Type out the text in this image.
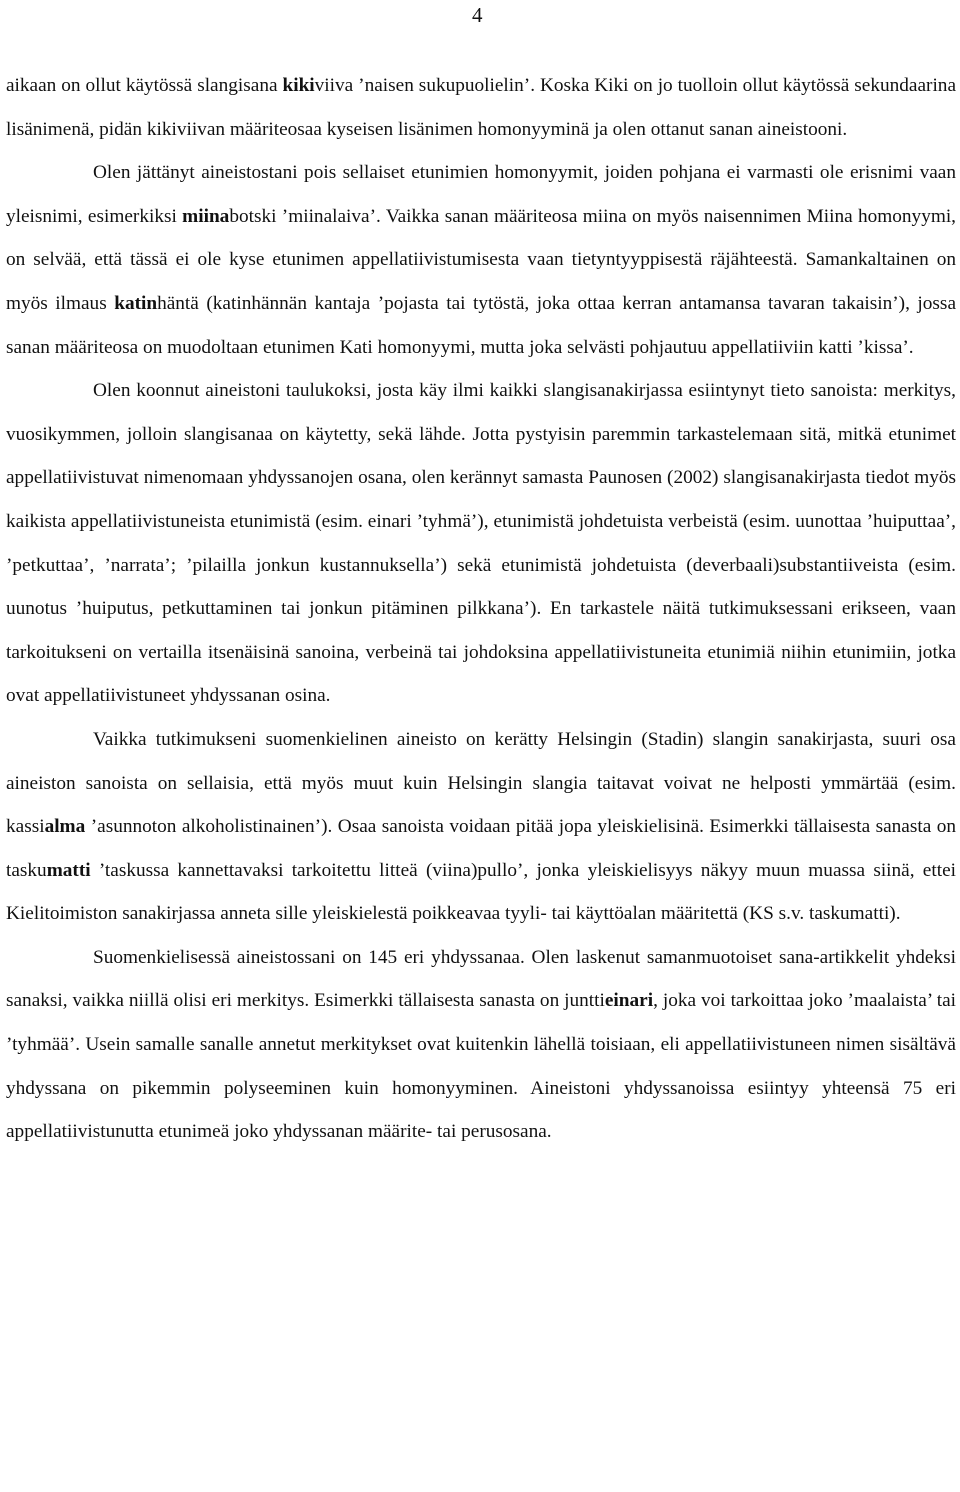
4

aikaan on ollut käytössä slangisana kikiviiva ’naisen sukupuolielin’. Koska Kiki on jo tuolloin ollut käytössä sekundaarina lisänimenä, pidän kikiviivan määriteosaa kyseisen lisänimen homonyyminä ja olen ottanut sanan aineistooni.

Olen jättänyt aineistostani pois sellaiset etunimien homonyymit, joiden pohjana ei varmasti ole erisnimi vaan yleisnimi, esimerkiksi miinabotski ’miinalaiva’. Vaikka sanan määriteosa miina on myös naisennimen Miina homonyymi, on selvää, että tässä ei ole kyse etunimen appellatiivistumisesta vaan tietyntyyppisestä räjähteestä. Samankaltainen on myös ilmaus katinhäntä (katinhännän kantaja ’pojasta tai tytöstä, joka ottaa kerran antamansa tavaran takaisin’), jossa sanan määriteosa on muodoltaan etunimen Kati homonyymi, mutta joka selvästi pohjautuu appellatiiviin katti ’kissa’.

Olen koonnut aineistoni taulukoksi, josta käy ilmi kaikki slangisanakirjassa esiintynyt tieto sanoista: merkitys, vuosikymmen, jolloin slangisanaa on käytetty, sekä lähde. Jotta pystyisin paremmin tarkastelemaan sitä, mitkä etunimet appellatiivistuvat nimenomaan yhdyssanojen osana, olen kerännyt samasta Paunosen (2002) slangisanakirjasta tiedot myös kaikista appellatiivistuneista etunimistä (esim. einari ’tyhmä’), etunimistä johdetuista verbeistä (esim. uunottaa ’huiputtaa’, ’petkuttaa’, ’narrata’; ’pilailla jonkun kustannuksella’) sekä etunimistä johdetuista (deverbaali)substantiiveista (esim. uunotus ’huiputus, petkuttaminen tai jonkun pitäminen pilkkana’). En tarkastele näitä tutkimuksessani erikseen, vaan tarkoitukseni on vertailla itsenäisinä sanoina, verbeinä tai johdoksina appellatiivistuneita etunimiä niihin etunimiin, jotka ovat appellatiivistuneet yhdyssanan osina.

Vaikka tutkimukseni suomenkielinen aineisto on kerätty Helsingin (Stadin) slangin sanakirjasta, suuri osa aineiston sanoista on sellaisia, että myös muut kuin Helsingin slangia taitavat voivat ne helposti ymmärtää (esim. kassialma ’asunnoton alkoholistinainen’). Osaa sanoista voidaan pitää jopa yleiskielisinä. Esimerkki tällaisesta sanasta on taskumatti ’taskussa kannettavaksi tarkoitettu litteä (viina)pullo’, jonka yleiskielisyys näkyy muun muassa siinä, ettei Kielitoimiston sanakirjassa anneta sille yleiskielestä poikkeavaa tyyli- tai käyttöalan määritettä (KS s.v. taskumatti).

Suomenkielisessä aineistossani on 145 eri yhdyssanaa. Olen laskenut samanmuotoiset sana-artikkelit yhdeksi sanaksi, vaikka niillä olisi eri merkitys. Esimerkki tällaisesta sanasta on junttieinari, joka voi tarkoittaa joko ’maalaista’ tai ’tyhmää’. Usein samalle sanalle annetut merkitykset ovat kuitenkin lähellä toisiaan, eli appellatiivistuneen nimen sisältävä yhdyssana on pikemmin polyseeminen kuin homonyyminen. Aineistoni yhdyssanoissa esiintyy yhteensä 75 eri appellatiivistunutta etunimeä joko yhdyssanan määrite- tai perusosana.
